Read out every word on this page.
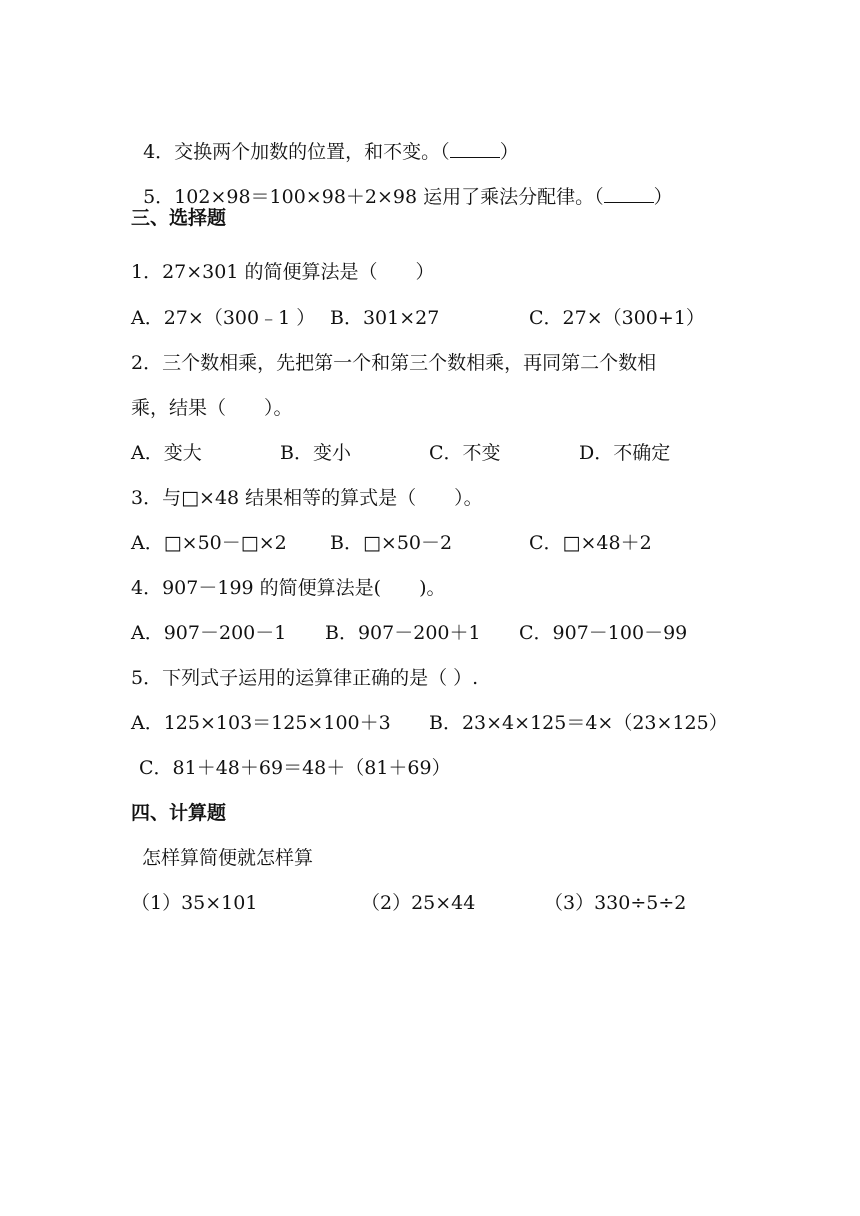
4．交换两个加数的位置，和不变。（	）

5．102×98＝100×98＋2×98 运用了乘法分配律。（	）

三、选择题
1．27×301 的简便算法是（　　）
A．27×（300﹣1 ） B．301×27	C．27×（300+1）
2．三个数相乘，先把第一个和第三个数相乘，再同第二个数相
乘，结果（　　）。
A．变大	B．变小	C．不变	D．不确定
3．与□×48 结果相等的算式是（　　）。
A．□×50－□×2 B．□×50－2	C．□×48＋2
4．907－199 的简便算法是(　　)。
A．907－200－1 B．907－200＋1 C．907－100－99
5．下列式子运用的运算律正确的是（ ）.
A．125×103＝125×100＋3 B．23×4×125＝4×（23×125）
C．81＋48＋69＝48＋（81＋69）
四、计算题
怎样算简便就怎样算
（1）35×101	（2）25×44	（3）330÷5÷2
